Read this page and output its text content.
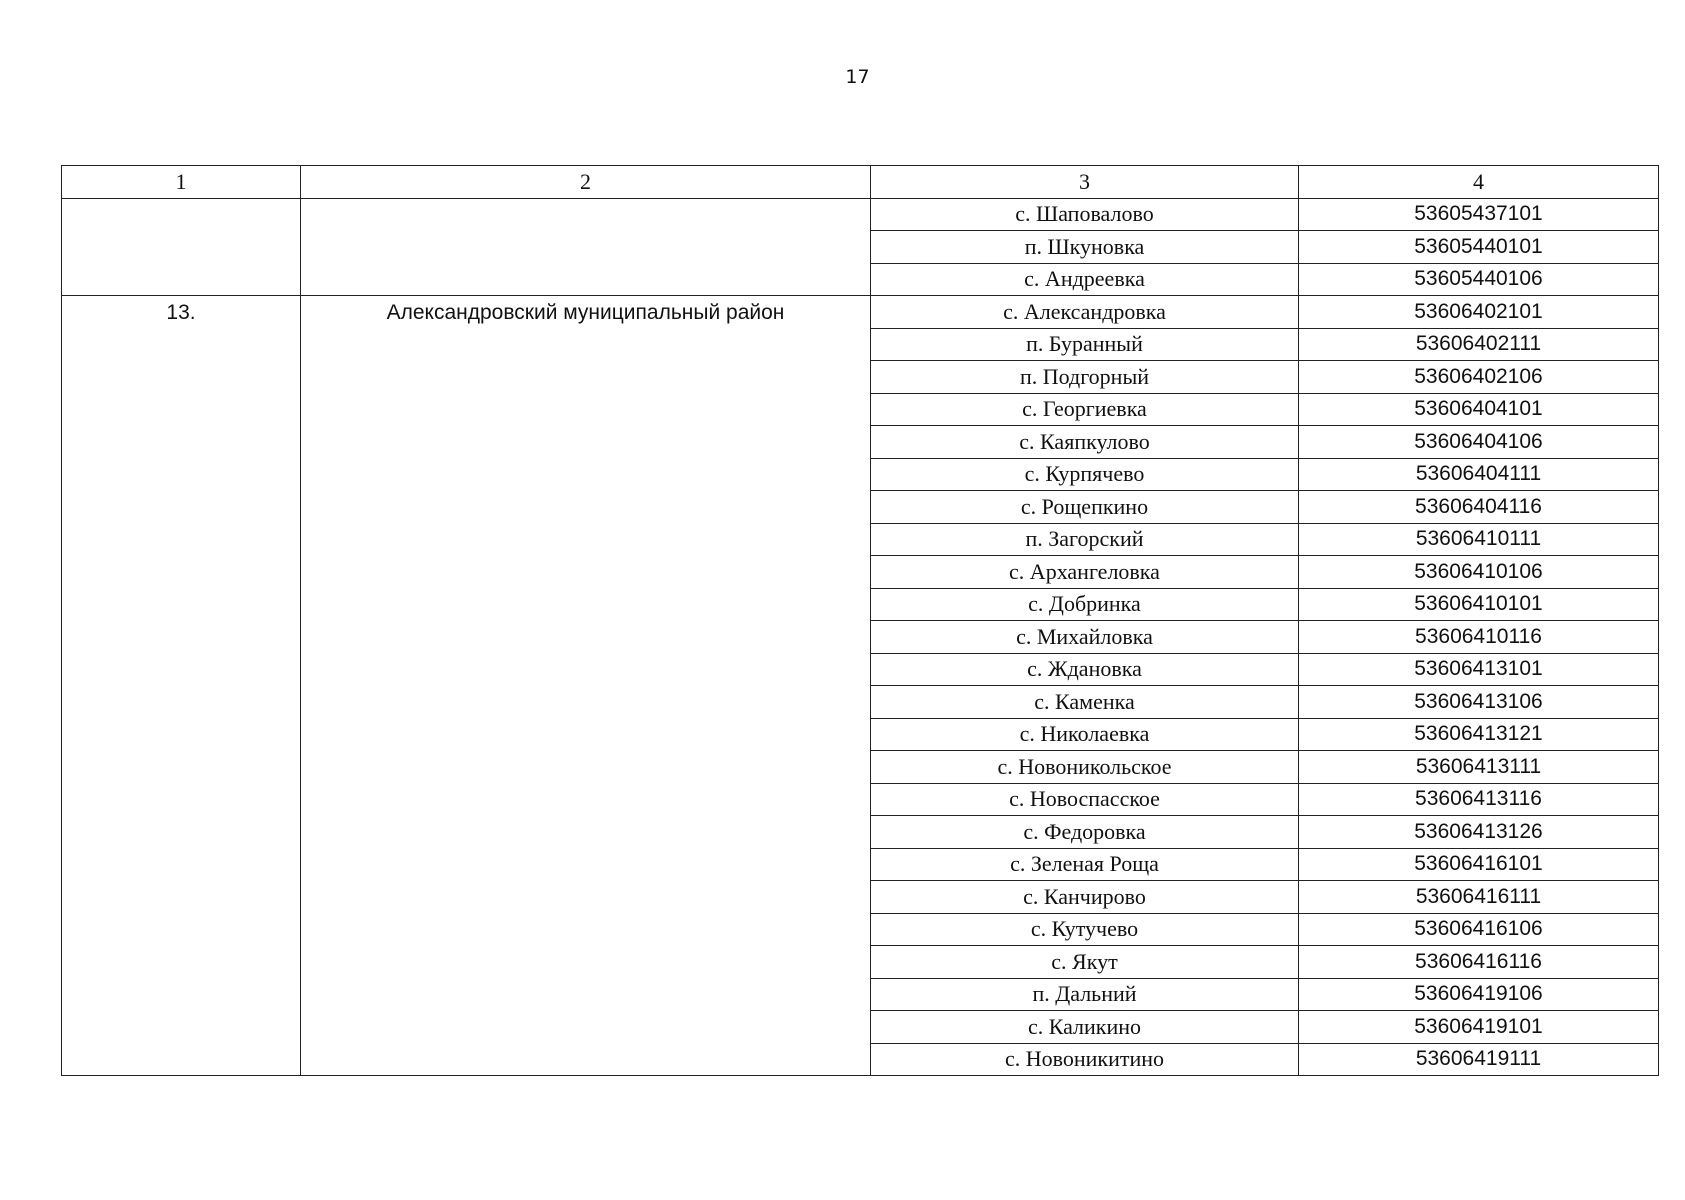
17
1	2	3	4
		с. Шаповалово	53605437101
		п. Шкуновка	53605440101
		с. Андреевка	53605440106
13.	Александровский муниципальный район	с. Александровка	53606402101
		п. Буранный	53606402111
		п. Подгорный	53606402106
		с. Георгиевка	53606404101
		с. Каяпкулово	53606404106
		с. Курпячево	53606404111
		с. Рощепкино	53606404116
		п. Загорский	53606410111
		с. Архангеловка	53606410106
		с. Добринка	53606410101
		с. Михайловка	53606410116
		с. Ждановка	53606413101
		с. Каменка	53606413106
		с. Николаевка	53606413121
		с. Новоникольское	53606413111
		с. Новоспасское	53606413116
		с. Федоровка	53606413126
		с. Зеленая Роща	53606416101
		с. Канчирово	53606416111
		с. Кутучево	53606416106
		с. Якут	53606416116
		п. Дальний	53606419106
		с. Каликино	53606419101
		с. Новоникитино	53606419111
